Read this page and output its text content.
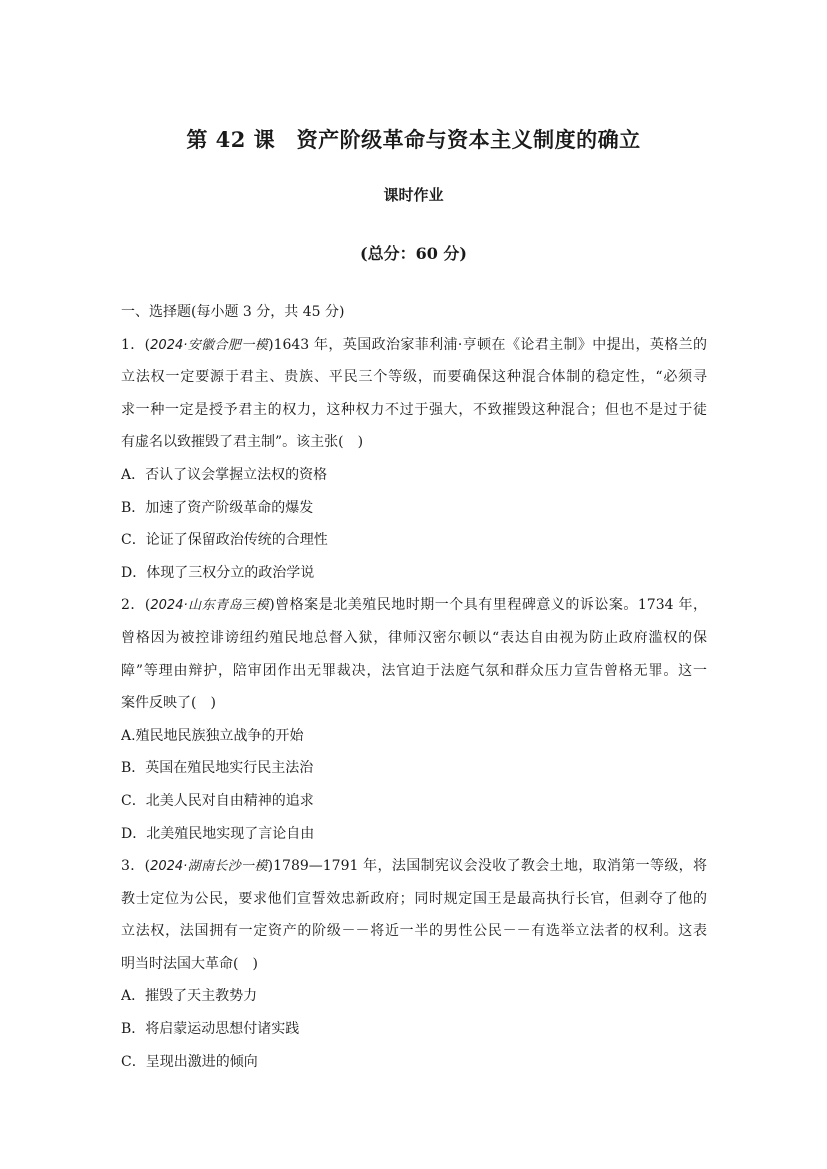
第 42 课　资产阶级革命与资本主义制度的确立
课时作业
(总分：60 分)
一、选择题(每小题 3 分，共 45 分)
1．(2024·安徽合肥一模)1643 年，英国政治家菲利浦·亨顿在《论君主制》中提出，英格兰的
立法权一定要源于君主、贵族、平民三个等级，而要确保这种混合体制的稳定性，“必须寻
求一种一定是授予君主的权力，这种权力不过于强大，不致摧毁这种混合；但也不是过于徒
有虚名以致摧毁了君主制”。该主张(　)
A．否认了议会掌握立法权的资格
B．加速了资产阶级革命的爆发
C．论证了保留政治传统的合理性
D．体现了三权分立的政治学说
2．(2024·山东青岛三模)曾格案是北美殖民地时期一个具有里程碑意义的诉讼案。1734 年，
曾格因为被控诽谤纽约殖民地总督入狱，律师汉密尔顿以“表达自由视为防止政府滥权的保
障”等理由辩护，陪审团作出无罪裁决，法官迫于法庭气氛和群众压力宣告曾格无罪。这一
案件反映了(　)
A.殖民地民族独立战争的开始
B．英国在殖民地实行民主法治
C．北美人民对自由精神的追求
D．北美殖民地实现了言论自由
3．(2024·湖南长沙一模)1789—1791 年，法国制宪议会没收了教会土地，取消第一等级，将
教士定位为公民，要求他们宣誓效忠新政府；同时规定国王是最高执行长官，但剥夺了他的
立法权，法国拥有一定资产的阶级－－将近一半的男性公民－－有选举立法者的权利。这表
明当时法国大革命(　)
A．摧毁了天主教势力
B．将启蒙运动思想付诸实践
C．呈现出激进的倾向
